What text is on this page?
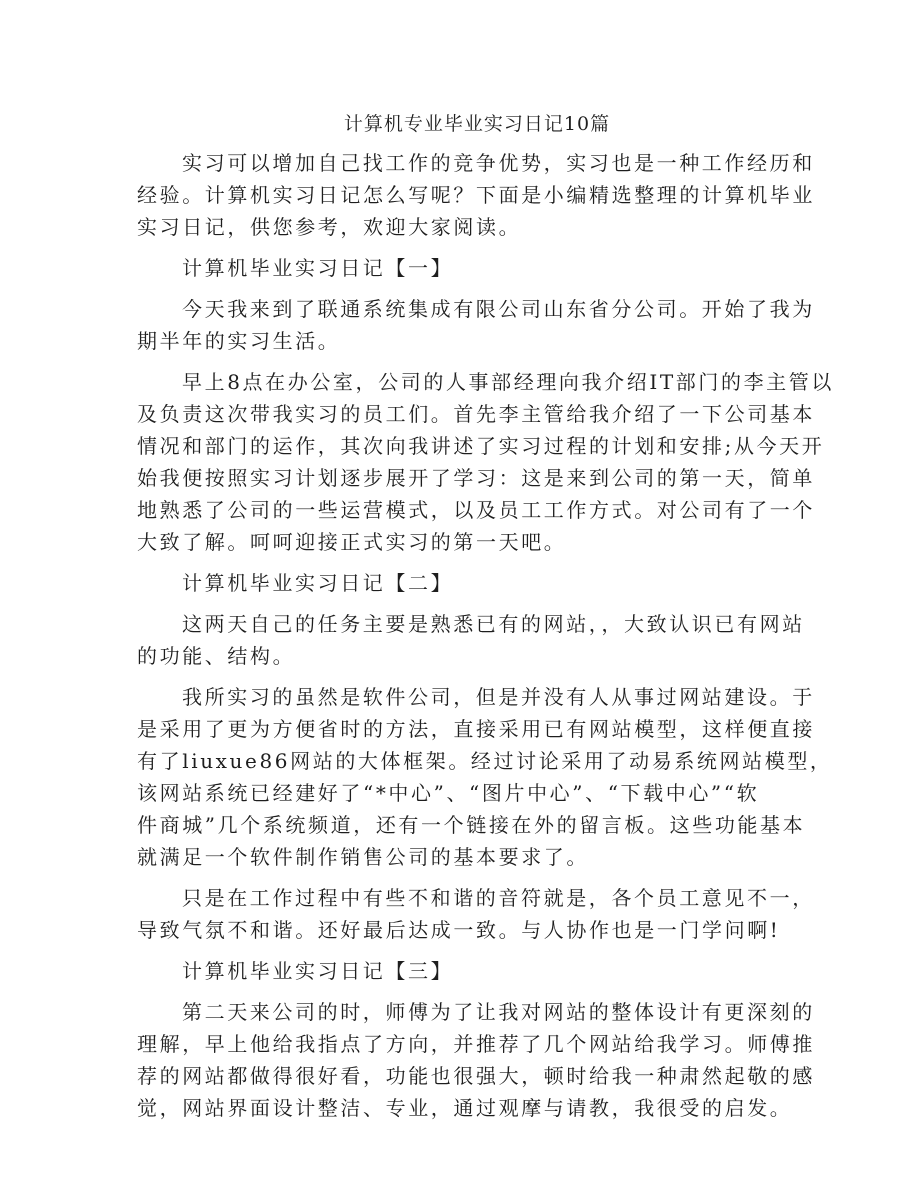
计算机专业毕业实习日记10篇

实习可以增加自己找工作的竞争优势，实习也是一种工作经历和
经验。计算机实习日记怎么写呢？下面是小编精选整理的计算机毕业
实习日记，供您参考，欢迎大家阅读。

计算机毕业实习日记【一】

今天我来到了联通系统集成有限公司山东省分公司。开始了我为
期半年的实习生活。

早上8点在办公室，公司的人事部经理向我介绍IT部门的李主管以
及负责这次带我实习的员工们。首先李主管给我介绍了一下公司基本
情况和部门的运作，其次向我讲述了实习过程的计划和安排;从今天开
始我便按照实习计划逐步展开了学习：这是来到公司的第一天，简单
地熟悉了公司的一些运营模式，以及员工工作方式。对公司有了一个
大致了解。呵呵迎接正式实习的第一天吧。

计算机毕业实习日记【二】

这两天自己的任务主要是熟悉已有的网站，，大致认识已有网站
的功能、结构。

我所实习的虽然是软件公司，但是并没有人从事过网站建设。于
是采用了更为方便省时的方法，直接采用已有网站模型，这样便直接
有了liuxue86网站的大体框架。经过讨论采用了动易系统网站模型，
该网站系统已经建好了“*中心”、“图片中心”、“下载中心”“软
件商城”几个系统频道，还有一个链接在外的留言板。这些功能基本
就满足一个软件制作销售公司的基本要求了。

只是在工作过程中有些不和谐的音符就是，各个员工意见不一，
导致气氛不和谐。还好最后达成一致。与人协作也是一门学问啊!

计算机毕业实习日记【三】

第二天来公司的时，师傅为了让我对网站的整体设计有更深刻的
理解，早上他给我指点了方向，并推荐了几个网站给我学习。师傅推
荐的网站都做得很好看，功能也很强大，顿时给我一种肃然起敬的感
觉，网站界面设计整洁、专业，通过观摩与请教，我很受的启发。
